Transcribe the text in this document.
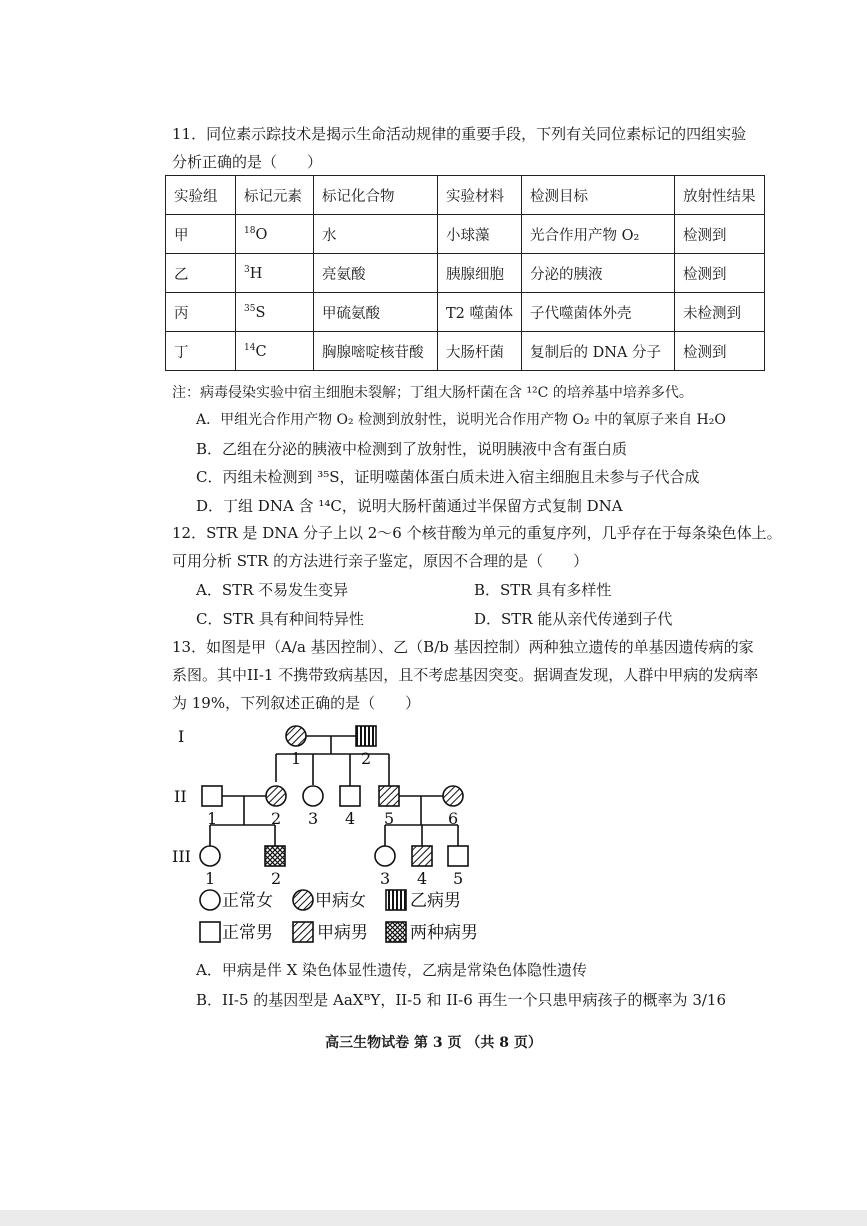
11．同位素示踪技术是揭示生命活动规律的重要手段，下列有关同位素标记的四组实验
分析正确的是（　　）
实验组	标记元素	标记化合物	实验材料	检测目标	放射性结果
甲	$^{18}$O	水	小球藻	光合作用产物 O₂	检测到
乙	$^3$H	亮氨酸	胰腺细胞	分泌的胰液	检测到
丙	$^{35}$S	甲硫氨酸	T2 噬菌体	子代噬菌体外壳	未检测到
丁	$^{14}$C	胸腺嘧啶核苷酸	大肠杆菌	复制后的 DNA 分子	检测到
注：病毒侵染实验中宿主细胞未裂解；丁组大肠杆菌在含 ¹²C 的培养基中培养多代。
A．甲组光合作用产物 O₂ 检测到放射性，说明光合作用产物 O₂ 中的氧原子来自 H₂O
B．乙组在分泌的胰液中检测到了放射性，说明胰液中含有蛋白质
C．丙组未检测到 ³⁵S，证明噬菌体蛋白质未进入宿主细胞且未参与子代合成
D．丁组 DNA 含 ¹⁴C，说明大肠杆菌通过半保留方式复制 DNA
12．STR 是 DNA 分子上以 2～6 个核苷酸为单元的重复序列，几乎存在于每条染色体上。
可用分析 STR 的方法进行亲子鉴定，原因不合理的是（　　）
A．STR 不易发生变异	B．STR 具有多样性
C．STR 具有种间特异性	D．STR 能从亲代传递到子代
13．如图是甲（A/a 基因控制）、乙（B/b 基因控制）两种独立遗传的单基因遗传病的家
系图。其中II-1 不携带致病基因，且不考虑基因突变。据调查发现，人群中甲病的发病率
为 19%，下列叙述正确的是（　　）
I
II
III
1	2
1	2 3 4 5	6
1	2	3 4 5
正常女 甲病女	乙病男
正常男	甲病男 两种病男
A．甲病是伴 X 染色体显性遗传，乙病是常染色体隐性遗传
B．II-5 的基因型是 AaXᴮY，II-5 和 II-6 再生一个只患甲病孩子的概率为 3/16
高三生物试卷 第 3 页 （共 8 页）
